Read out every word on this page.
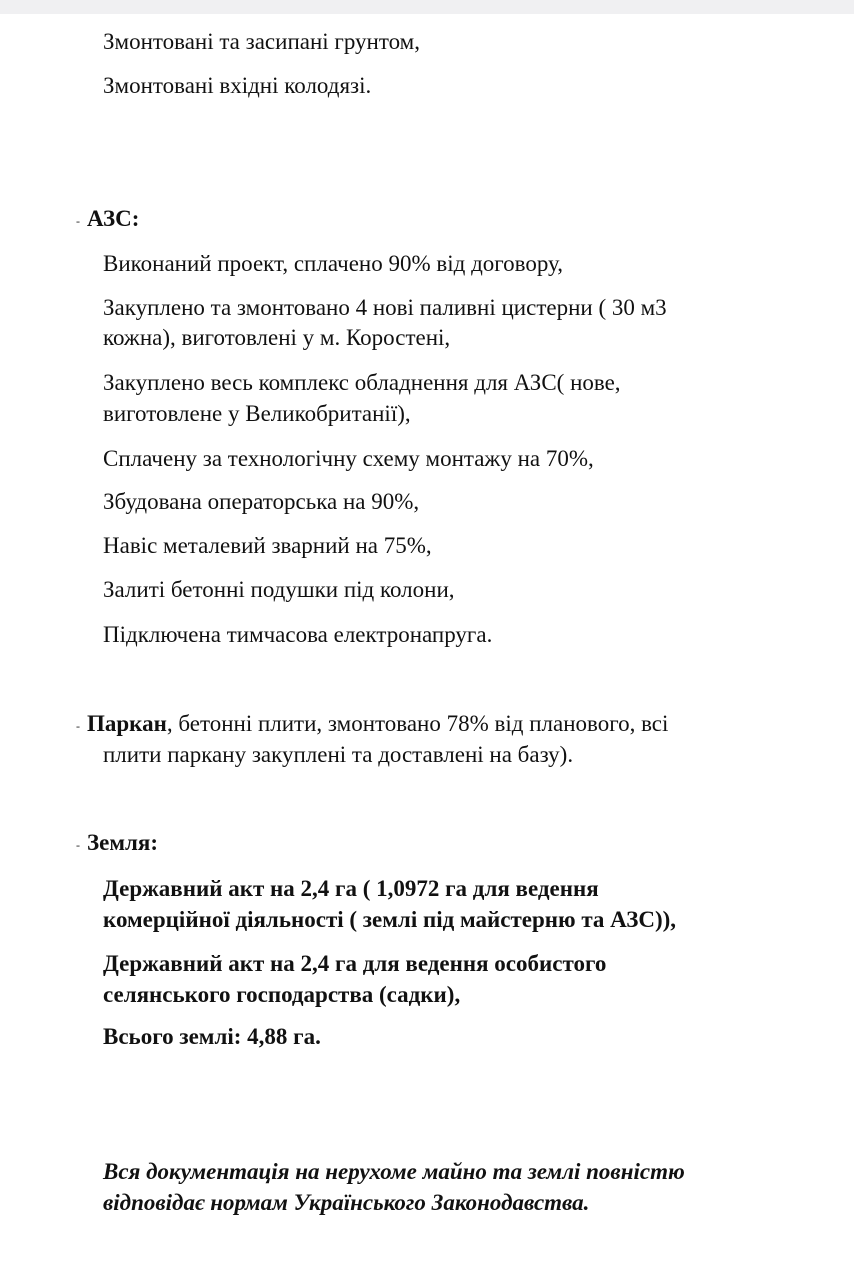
Змонтовані та засипані грунтом,
Змонтовані вхідні колодязі.
- АЗС:
Виконаний проект, сплачено 90% від договору,
Закуплено та змонтовано 4 нові паливні цистерни ( 30 м3
кожна), виготовлені у м. Коростені,
Закуплено весь комплекс обладнення для АЗС( нове,
виготовлене у Великобританії),
Сплачену за технологічну схему монтажу на 70%,
Збудована операторська на 90%,
Навіс металевий зварний на 75%,
Залиті бетонні подушки під колони,
Підключена тимчасова електронапруга.
- Паркан, бетонні плити, змонтовано 78% від планового, всі
плити паркану закуплені та доставлені на базу).
- Земля:
Державний акт на 2,4 га ( 1,0972 га для ведення
комерційної діяльності ( землі під майстерню та АЗС)),
Державний акт на 2,4 га для ведення особистого
селянського господарства (садки),
Всього землі: 4,88 га.
Вся документація на нерухоме майно та землі повністю
відповідає нормам Українського Законодавства.
